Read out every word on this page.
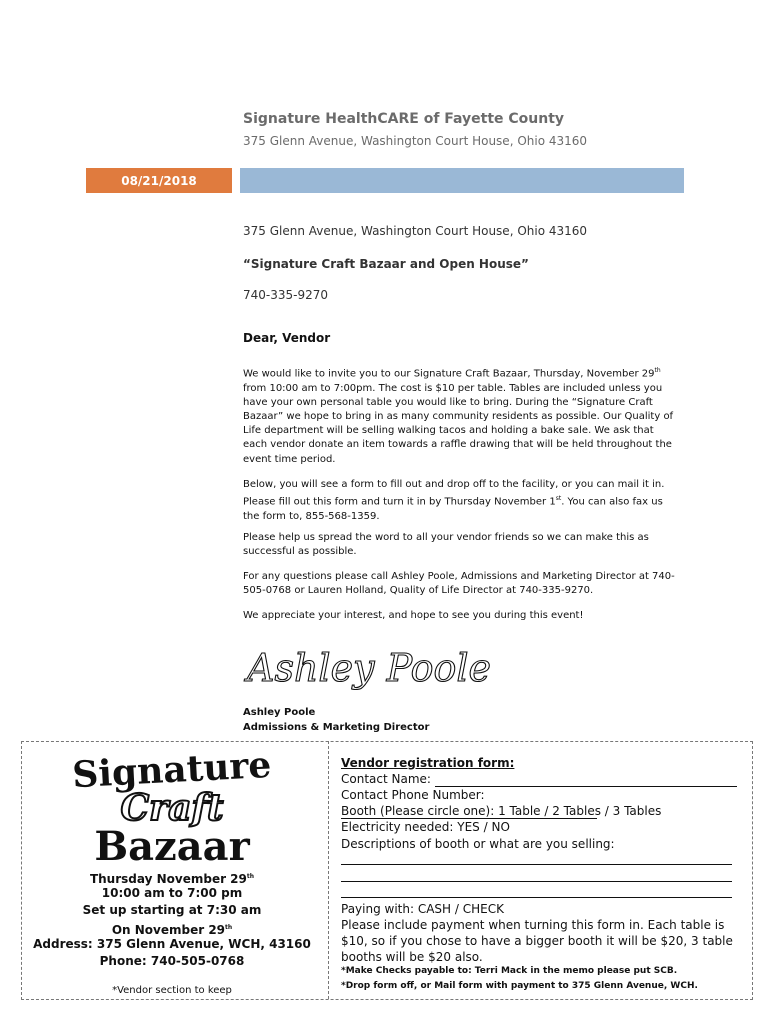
Signature HealthCARE of Fayette County
375 Glenn Avenue, Washington Court House, Ohio 43160
08/21/2018
375 Glenn Avenue, Washington Court House, Ohio 43160
“Signature Craft Bazaar and Open House”
740-335-9270
Dear, Vendor
We would like to invite you to our Signature Craft Bazaar, Thursday, November 29th from 10:00 am to 7:00pm. The cost is $10 per table. Tables are included unless you have your own personal table you would like to bring. During the “Signature Craft Bazaar” we hope to bring in as many community residents as possible. Our Quality of Life department will be selling walking tacos and holding a bake sale. We ask that each vendor donate an item towards a raffle drawing that will be held throughout the event time period.
Below, you will see a form to fill out and drop off to the facility, or you can mail it in. Please fill out this form and turn it in by Thursday November 1st. You can also fax us the form to, 855-568-1359.
Please help us spread the word to all your vendor friends so we can make this as successful as possible.
For any questions please call Ashley Poole, Admissions and Marketing Director at 740-505-0768 or Lauren Holland, Quality of Life Director at 740-335-9270.
We appreciate your interest, and hope to see you during this event!
Ashley Poole
Ashley Poole
Admissions & Marketing Director
Signature
Craft
Bazaar
Thursday November 29th
10:00 am to 7:00 pm
Set up starting at 7:30 am
On November 29th
Address: 375 Glenn Avenue, WCH, 43160
Phone: 740-505-0768
*Vendor section to keep
Vendor registration form:
Contact Name:
Contact Phone Number:
Booth (Please circle one): 1 Table / 2 Tables / 3 Tables
Electricity needed: YES / NO
Descriptions of booth or what are you selling:
Paying with: CASH / CHECK
Please include payment when turning this form in. Each table is $10, so if you chose to have a bigger booth it will be $20, 3 table booths will be $20 also.
*Make Checks payable to: Terri Mack in the memo please put SCB.
*Drop form off, or Mail form with payment to 375 Glenn Avenue, WCH.
